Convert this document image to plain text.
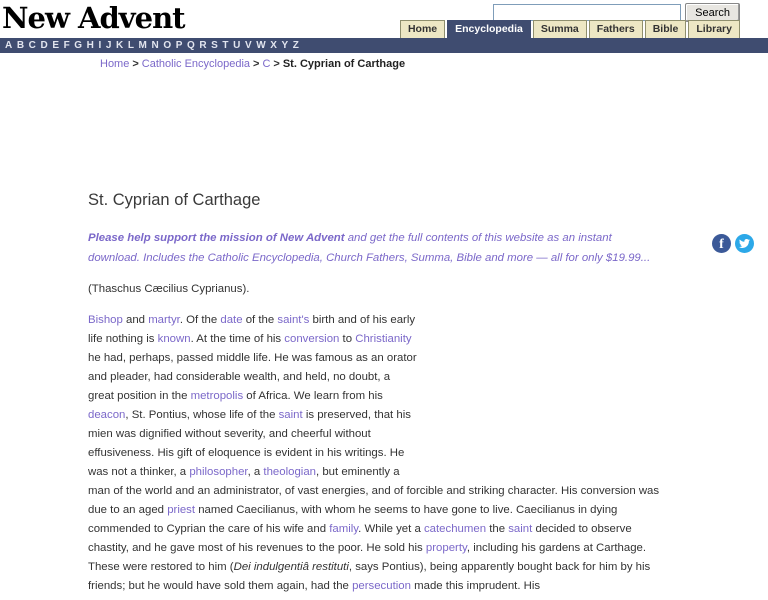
New Advent	Search
Home	Encyclopedia	Summa	Fathers	Bible	Library
A B C D E F G H I J K L M N O P Q R S T U V W X Y Z
Home > Catholic Encyclopedia > C > St. Cyprian of Carthage
St. Cyprian of Carthage

Please help support the mission of New Advent and get the full contents of this website as an instant download. Includes the Catholic Encyclopedia, Church Fathers, Summa, Bible and more — all for only $19.99...

(Thaschus Cæcilius Cyprianus).

Bishop and martyr. Of the date of the saint's birth and of his early life nothing is known. At the time of his conversion to Christianity he had, perhaps, passed middle life. He was famous as an orator and pleader, had considerable wealth, and held, no doubt, a great position in the metropolis of Africa. We learn from his deacon, St. Pontius, whose life of the saint is preserved, that his mien was dignified without severity, and cheerful without effusiveness. His gift of eloquence is evident in his writings. He was not a thinker, a philosopher, a theologian, but eminently a man of the world and an administrator, of vast energies, and of forcible and striking character. His conversion was due to an aged priest named Caecilianus, with whom he seems to have gone to live. Caecilianus in dying commended to Cyprian the care of his wife and family. While yet a catechumen the saint decided to observe chastity, and he gave most of his revenues to the poor. He sold his property, including his gardens at Carthage. These were restored to him (Dei indulgentiâ restituti, says Pontius), being apparently bought back for him by his friends; but he would have sold them again, had the persecution made this imprudent. His

f
